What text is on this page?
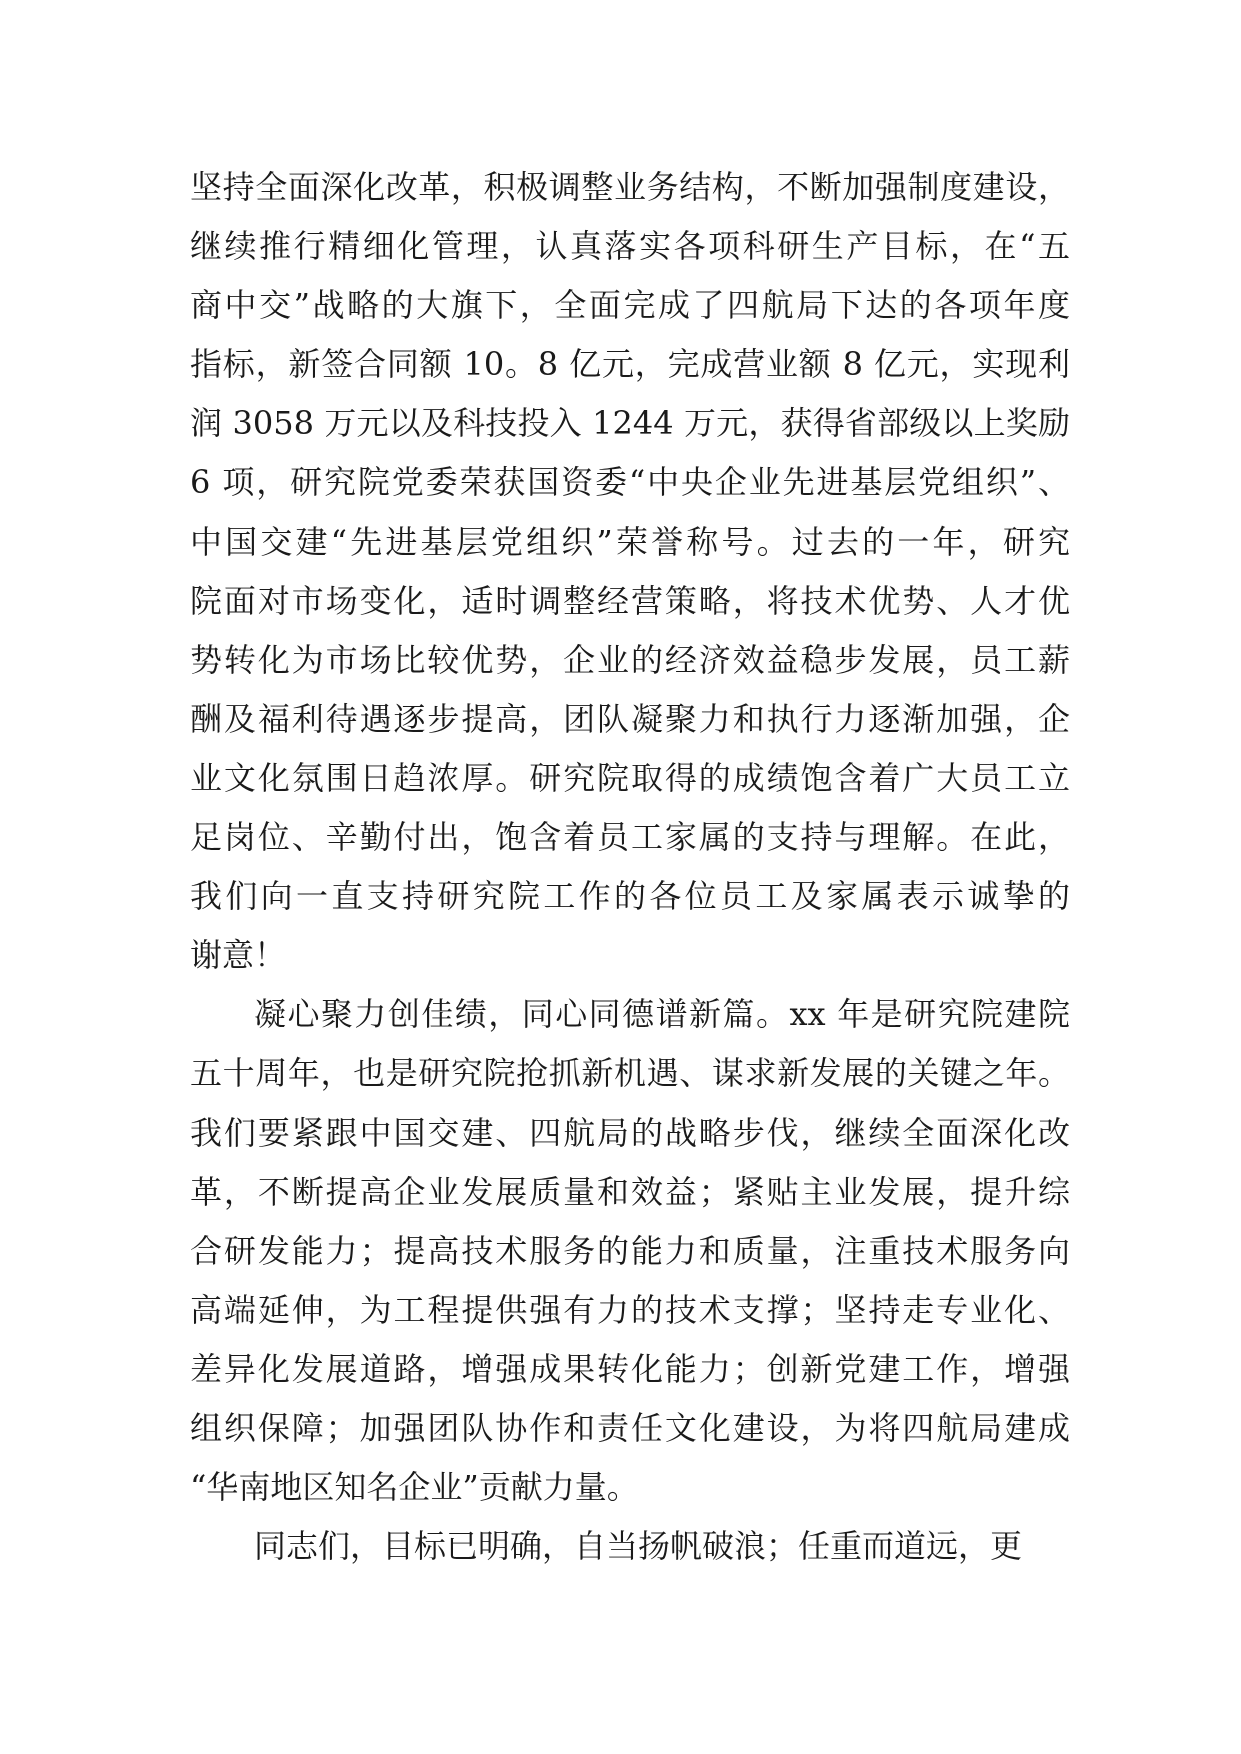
坚持全面深化改革，积极调整业务结构，不断加强制度建设，
继续推行精细化管理，认真落实各项科研生产目标，在“五
商中交”战略的大旗下，全面完成了四航局下达的各项年度
指标，新签合同额 10。8 亿元，完成营业额 8 亿元，实现利
润 3058 万元以及科技投入 1244 万元，获得省部级以上奖励
6 项，研究院党委荣获国资委“中央企业先进基层党组织”、
中国交建“先进基层党组织”荣誉称号。过去的一年，研究
院面对市场变化，适时调整经营策略，将技术优势、人才优
势转化为市场比较优势，企业的经济效益稳步发展，员工薪
酬及福利待遇逐步提高，团队凝聚力和执行力逐渐加强，企
业文化氛围日趋浓厚。研究院取得的成绩饱含着广大员工立
足岗位、辛勤付出，饱含着员工家属的支持与理解。在此，
我们向一直支持研究院工作的各位员工及家属表示诚挚的
谢意！
凝心聚力创佳绩，同心同德谱新篇。xx 年是研究院建院
五十周年，也是研究院抢抓新机遇、谋求新发展的关键之年。
我们要紧跟中国交建、四航局的战略步伐，继续全面深化改
革，不断提高企业发展质量和效益；紧贴主业发展，提升综
合研发能力；提高技术服务的能力和质量，注重技术服务向
高端延伸，为工程提供强有力的技术支撑；坚持走专业化、
差异化发展道路，增强成果转化能力；创新党建工作，增强
组织保障；加强团队协作和责任文化建设，为将四航局建成
“华南地区知名企业”贡献力量。
同志们，目标已明确，自当扬帆破浪；任重而道远，更
